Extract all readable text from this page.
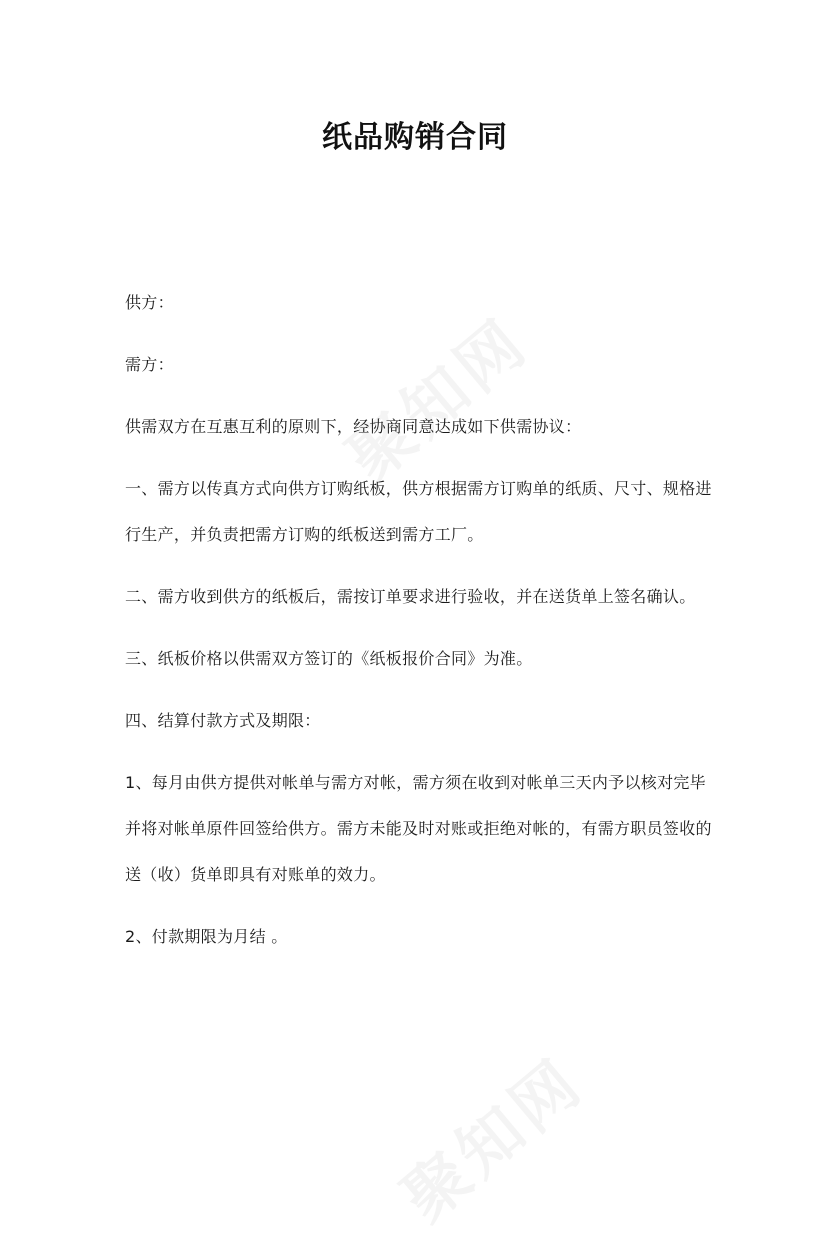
纸品购销合同

供方：

需方：

供需双方在互惠互利的原则下，经协商同意达成如下供需协议：

一、需方以传真方式向供方订购纸板，供方根据需方订购单的纸质、尺寸、规格进行生产，并负责把需方订购的纸板送到需方工厂。

二、需方收到供方的纸板后，需按订单要求进行验收，并在送货单上签名确认。

三、纸板价格以供需双方签订的《纸板报价合同》为准。

四、结算付款方式及期限：

1、每月由供方提供对帐单与需方对帐，需方须在收到对帐单三天内予以核对完毕并将对帐单原件回签给供方。需方未能及时对账或拒绝对帐的，有需方职员签收的送（收）货单即具有对账单的效力。

2、付款期限为月结 。
